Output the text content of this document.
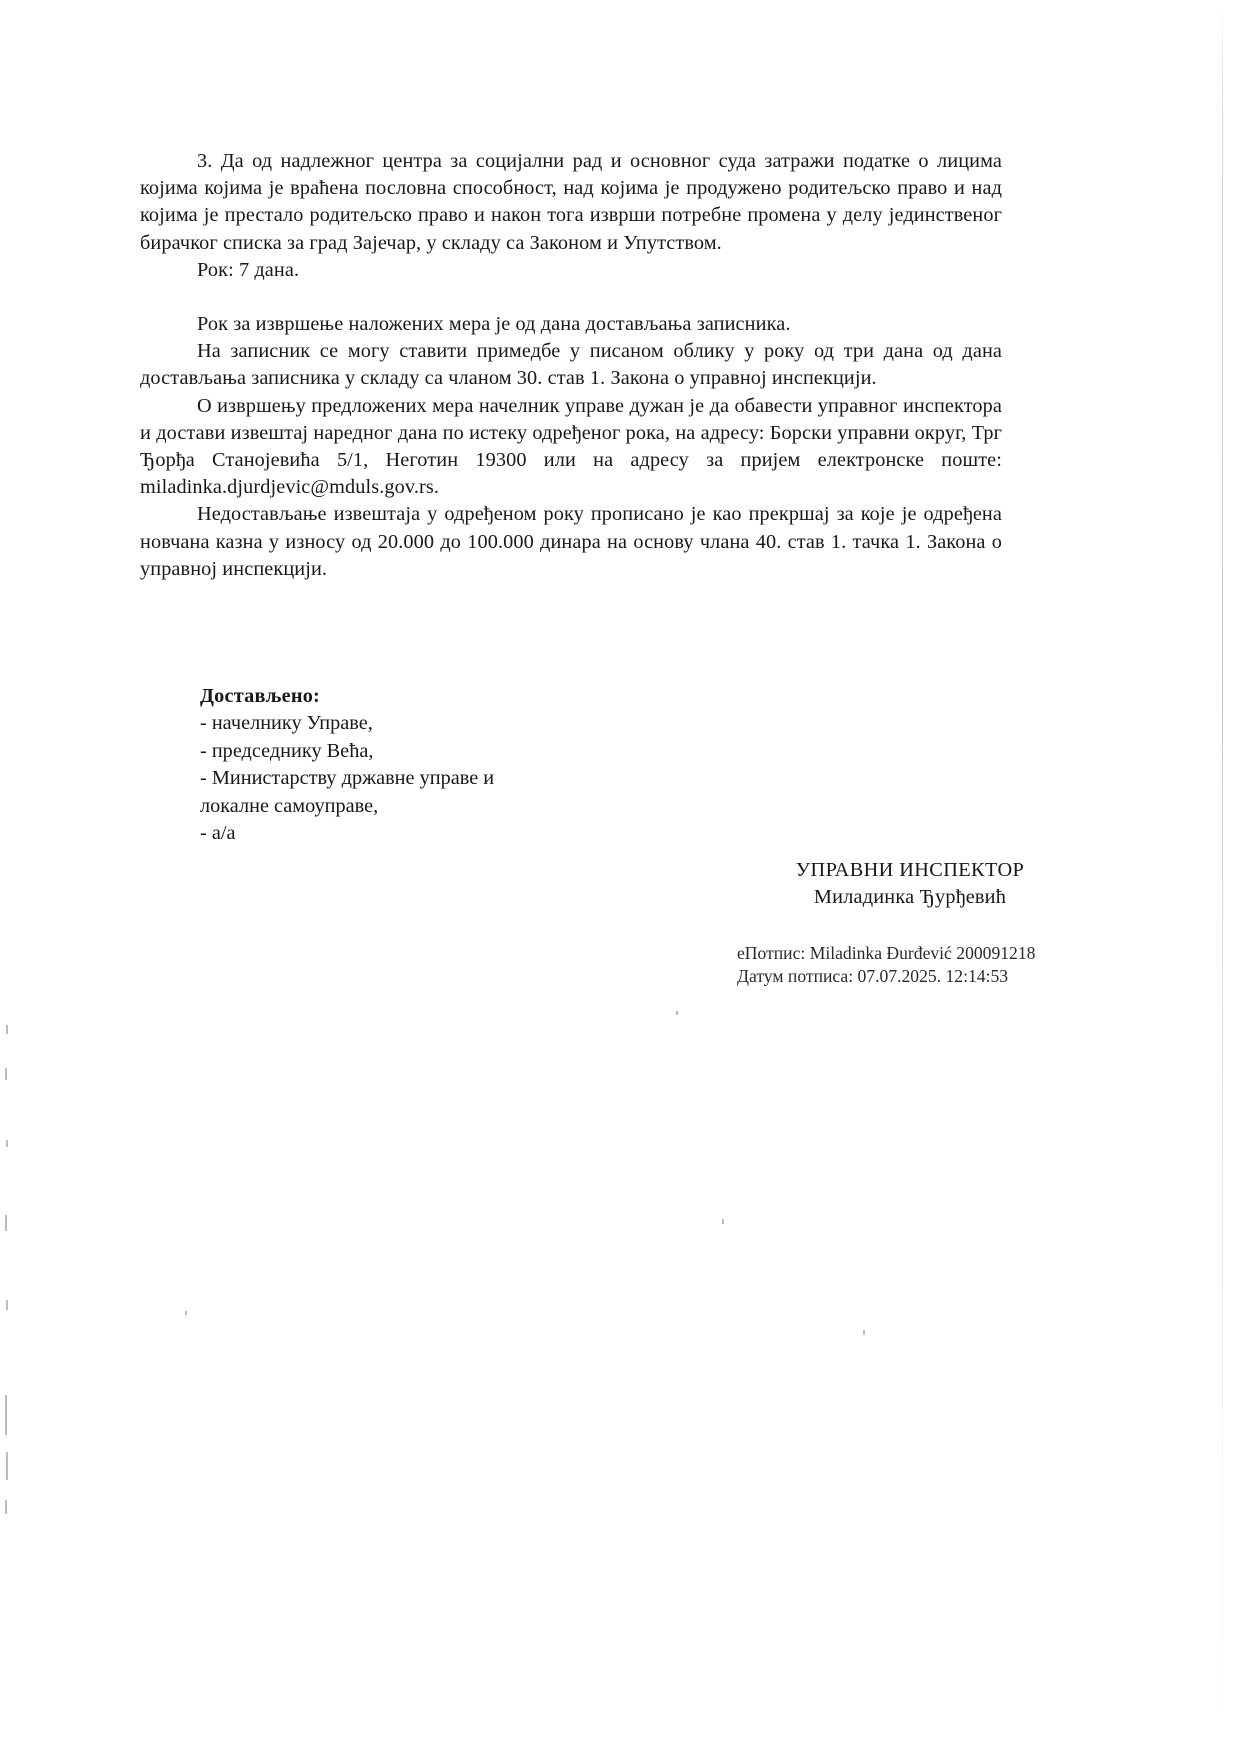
3. Да од надлежног центра за социјални рад и основног суда затражи податке о лицима којима којима је враћена пословна способност, над којима је продужено родитељско право и над којима је престало родитељско право и након тога изврши потребне промена у делу јединственог бирачког списка за град Зајечар, у складу са Законом и Упутством.

Рок: 7 дана.

Рок за извршење наложених мера је од дана достављања записника.

На записник се могу ставити примедбе у писаном облику у року од три дана од дана достављања записника у складу са чланом 30. став 1. Закона о управној инспекцији.

О извршењу предложених мера начелник управе дужан је да обавести управног инспектора и достави извештај наредног дана по истеку одређеног рока, на адресу: Борски управни округ, Трг Ђорђа Станојевића 5/1, Неготин 19300 или на адресу за пријем електронске поште: miladinka.djurdjevic@mduls.gov.rs.

Недостављање извештаја у одређеном року прописано је као прекршај за које је одређена новчана казна у износу од 20.000 до 100.000 динара на основу члана 40. став 1. тачка 1. Закона о управној инспекцији.

Достављено:
- начелнику Управе,
- председнику Већа,
- Министарству државне управе и
локалне самоуправе,
- а/а
УПРАВНИ ИНСПЕКТОР
Миладинка Ђурђевић
еПотпис: Miladinka Đurđević 200091218
Датум потписа: 07.07.2025. 12:14:53
